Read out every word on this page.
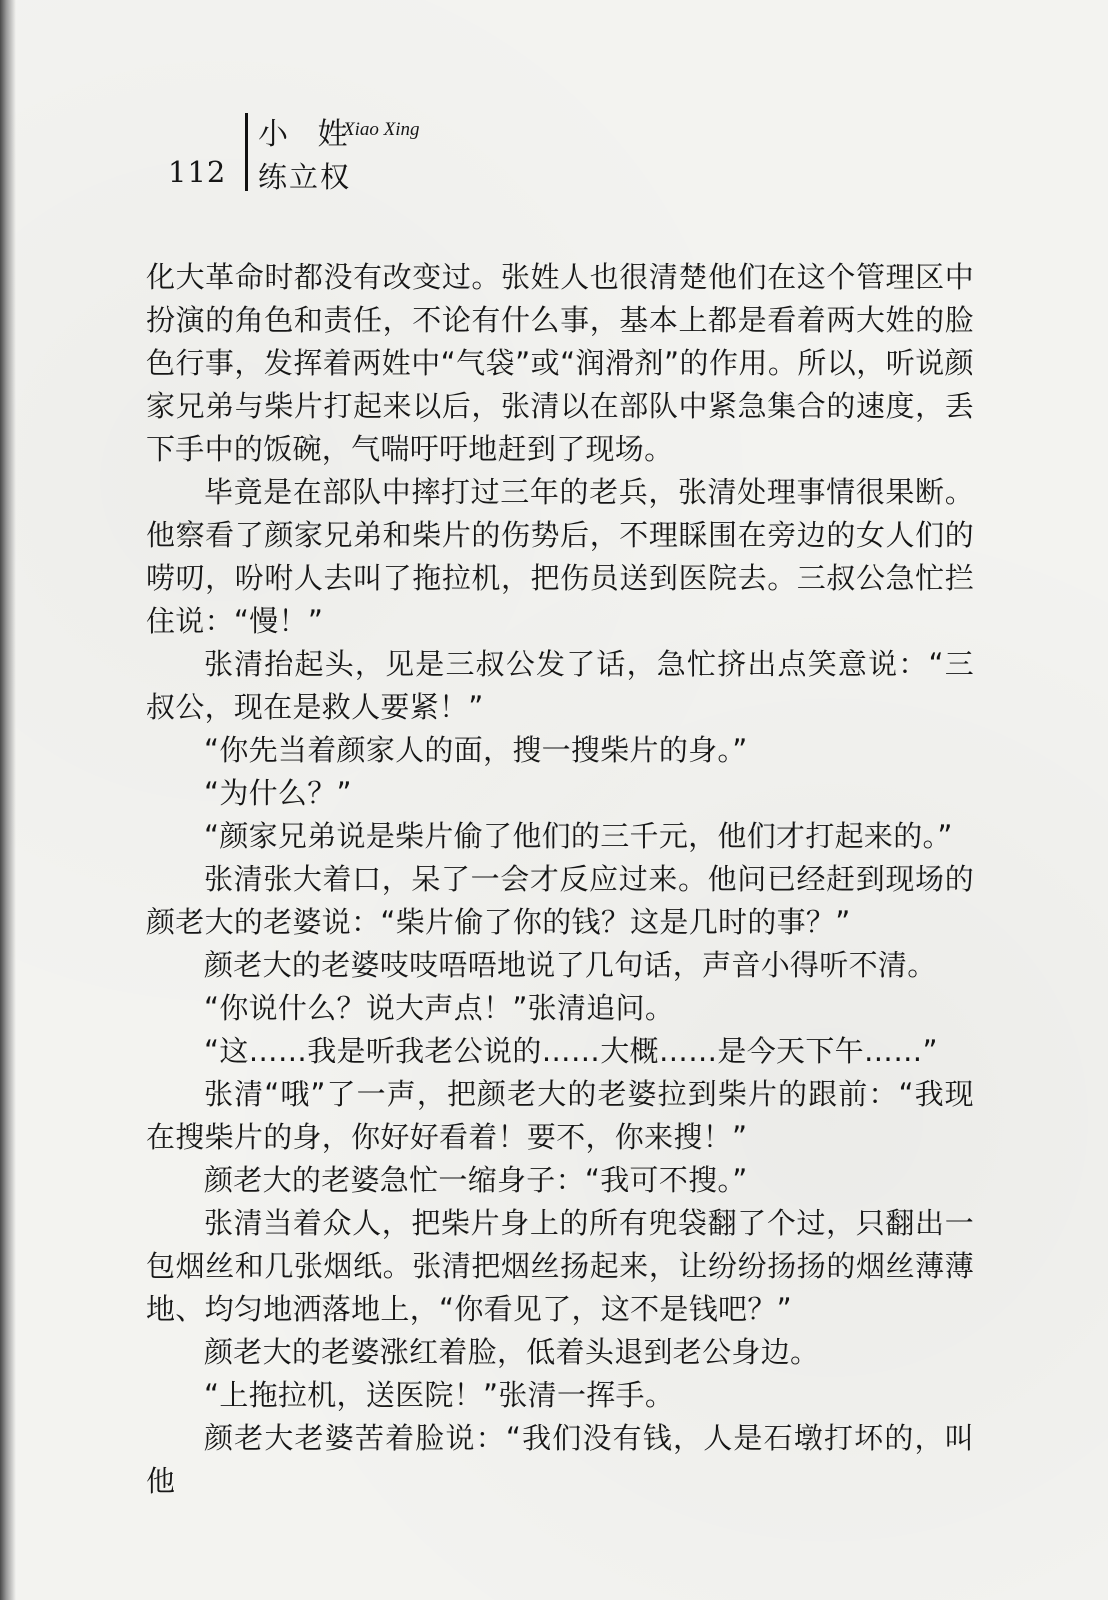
112
小 姓
Xiao Xing
练立权

化大革命时都没有改变过。张姓人也很清楚他们在这个管理区中扮演的角色和责任，不论有什么事，基本上都是看着两大姓的脸色行事，发挥着两姓中“气袋”或“润滑剂”的作用。所以，听说颜家兄弟与柴片打起来以后，张清以在部队中紧急集合的速度，丢下手中的饭碗，气喘吁吁地赶到了现场。

毕竟是在部队中摔打过三年的老兵，张清处理事情很果断。他察看了颜家兄弟和柴片的伤势后，不理睬围在旁边的女人们的唠叨，吩咐人去叫了拖拉机，把伤员送到医院去。三叔公急忙拦住说：“慢！”

张清抬起头，见是三叔公发了话，急忙挤出点笑意说：“三叔公，现在是救人要紧！”

“你先当着颜家人的面，搜一搜柴片的身。”

“为什么？”

“颜家兄弟说是柴片偷了他们的三千元，他们才打起来的。”

张清张大着口，呆了一会才反应过来。他问已经赶到现场的颜老大的老婆说：“柴片偷了你的钱？这是几时的事？”

颜老大的老婆吱吱唔唔地说了几句话，声音小得听不清。

“你说什么？说大声点！”张清追问。

“这……我是听我老公说的……大概……是今天下午……”

张清“哦”了一声，把颜老大的老婆拉到柴片的跟前：“我现在搜柴片的身，你好好看着！要不，你来搜！”

颜老大的老婆急忙一缩身子：“我可不搜。”

张清当着众人，把柴片身上的所有兜袋翻了个过，只翻出一包烟丝和几张烟纸。张清把烟丝扬起来，让纷纷扬扬的烟丝薄薄地、均匀地洒落地上，“你看见了，这不是钱吧？”

颜老大的老婆涨红着脸，低着头退到老公身边。

“上拖拉机，送医院！”张清一挥手。

颜老大老婆苦着脸说：“我们没有钱，人是石墩打坏的，叫他
